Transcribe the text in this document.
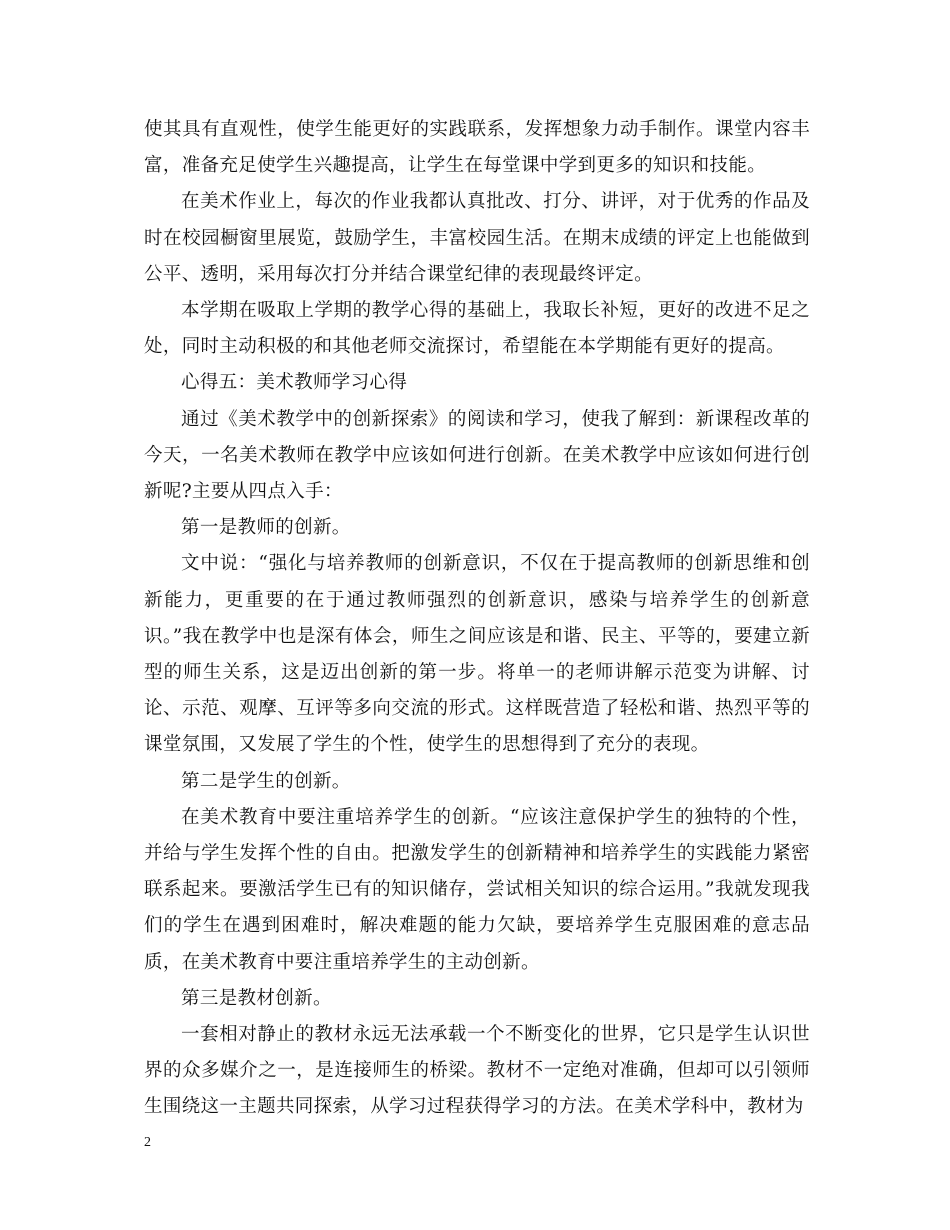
使其具有直观性，使学生能更好的实践联系，发挥想象力动手制作。课堂内容丰富，准备充足使学生兴趣提高，让学生在每堂课中学到更多的知识和技能。

在美术作业上，每次的作业我都认真批改、打分、讲评，对于优秀的作品及时在校园橱窗里展览，鼓励学生，丰富校园生活。在期末成绩的评定上也能做到公平、透明，采用每次打分并结合课堂纪律的表现最终评定。

本学期在吸取上学期的教学心得的基础上，我取长补短，更好的改进不足之处，同时主动积极的和其他老师交流探讨，希望能在本学期能有更好的提高。

心得五：美术教师学习心得

通过《美术教学中的创新探索》的阅读和学习，使我了解到：新课程改革的今天，一名美术教师在教学中应该如何进行创新。在美术教学中应该如何进行创新呢?主要从四点入手：

第一是教师的创新。

文中说：“强化与培养教师的创新意识，不仅在于提高教师的创新思维和创新能力，更重要的在于通过教师强烈的创新意识，感染与培养学生的创新意识。”我在教学中也是深有体会，师生之间应该是和谐、民主、平等的，要建立新型的师生关系，这是迈出创新的第一步。将单一的老师讲解示范变为讲解、讨论、示范、观摩、互评等多向交流的形式。这样既营造了轻松和谐、热烈平等的课堂氛围，又发展了学生的个性，使学生的思想得到了充分的表现。

第二是学生的创新。

在美术教育中要注重培养学生的创新。“应该注意保护学生的独特的个性，并给与学生发挥个性的自由。把激发学生的创新精神和培养学生的实践能力紧密联系起来。要激活学生已有的知识储存，尝试相关知识的综合运用。”我就发现我们的学生在遇到困难时，解决难题的能力欠缺，要培养学生克服困难的意志品质，在美术教育中要注重培养学生的主动创新。

第三是教材创新。

一套相对静止的教材永远无法承载一个不断变化的世界，它只是学生认识世界的众多媒介之一，是连接师生的桥梁。教材不一定绝对准确，但却可以引领师生围绕这一主题共同探索，从学习过程获得学习的方法。在美术学科中，教材为

2
